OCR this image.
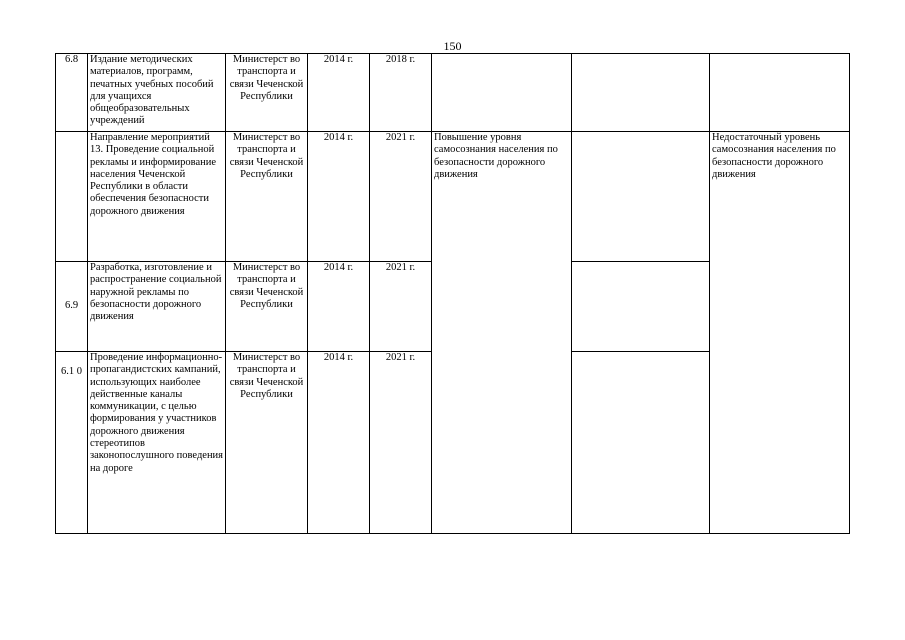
150
6.8	Издание методических материалов, программ, печатных учебных пособий для учащихся общеобразовательных учреждений	Министерст во транспорта и связи Чеченской Республики	2014 г.	2018 г.			
	Направление мероприятий 13. Проведение социальной рекламы и информирование населения Чеченской Республики в области обеспечения безопасности дорожного движения	Министерст во транспорта и связи Чеченской Республики	2014 г.	2021 г.	Повышение уровня самосознания населения по безопасности дорожного движения		Недостаточный уровень самосознания населения по безопасности дорожного движения
6.9	Разработка, изготовление и распространение социальной наружной рекламы по безопасности дорожного движения	Министерст во транспорта и связи Чеченской Республики	2014 г.	2021 г.			
6.1 0	Проведение информационно-пропагандистских кампаний, использующих наиболее действенные каналы коммуникации, с целью формирования у участников дорожного движения стереотипов законопослушного поведения на дороге	Министерст во транспорта и связи Чеченской Республики	2014 г.	2021 г.			
